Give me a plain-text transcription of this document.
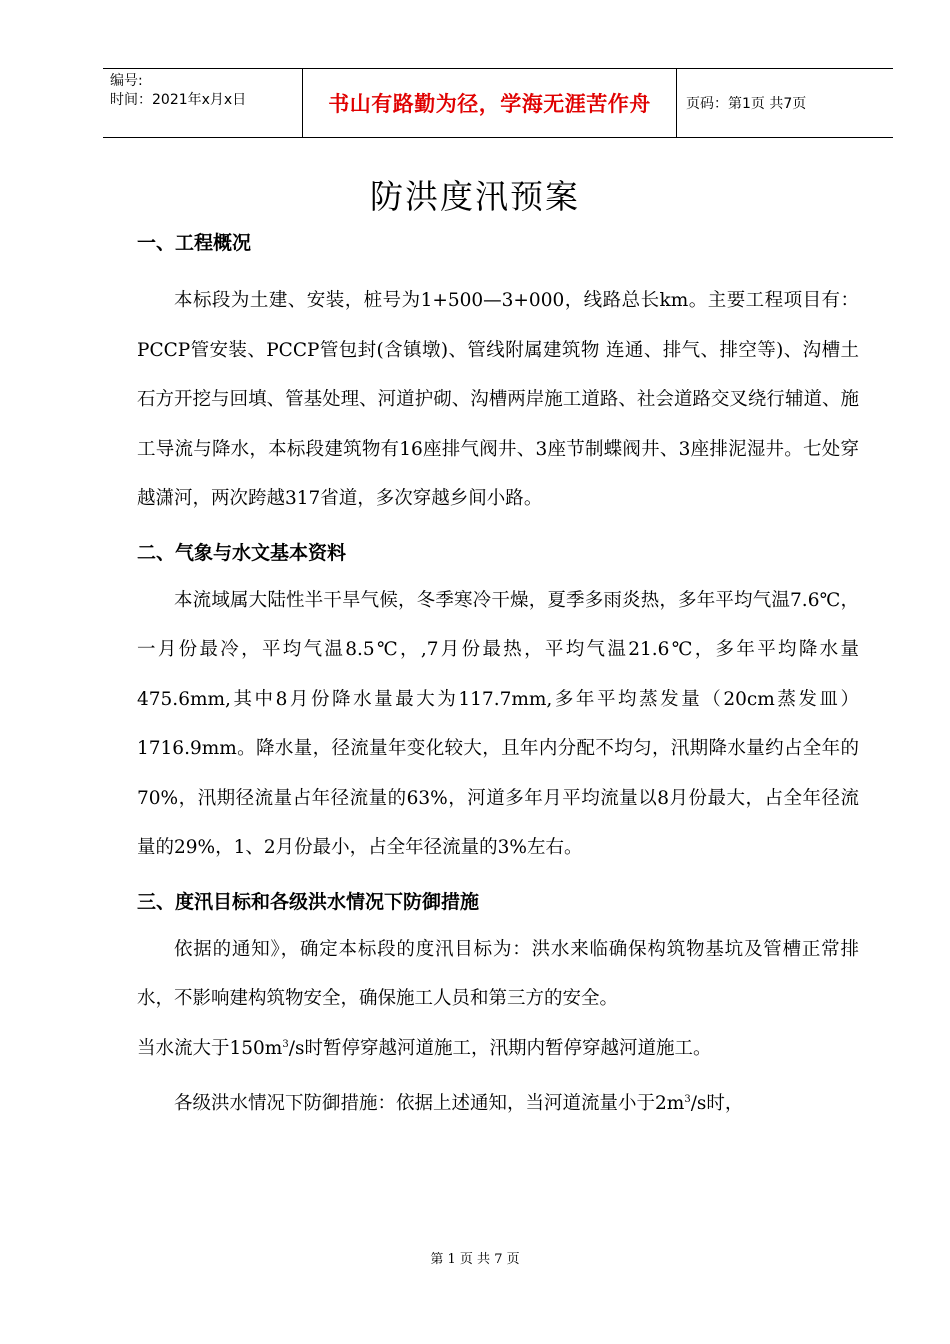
编号:
时间：2021年x月x日	书山有路勤为径，学海无涯苦作舟	页码：第1页 共7页
防洪度汛预案
一、工程概况

本标段为土建、安装，桩号为1+500—3+000，线路总长km。主要工程项目有：PCCP管安装、PCCP管包封(含镇墩)、管线附属建筑物 连通、排气、排空等)、沟槽土石方开挖与回填、管基处理、河道护砌、沟槽两岸施工道路、社会道路交叉绕行辅道、施工导流与降水，本标段建筑物有16座排气阀井、3座节制蝶阀井、3座排泥湿井。七处穿越潇河，两次跨越317省道，多次穿越乡间小路。

二、气象与水文基本资料

本流域属大陆性半干旱气候，冬季寒冷干燥，夏季多雨炎热，多年平均气温7.6℃，一月份最冷，平均气温8.5℃，,7月份最热，平均气温21.6℃，多年平均降水量475.6mm,其中8月份降水量最大为117.7mm,多年平均蒸发量（20cm蒸发皿）1716.9mm。降水量，径流量年变化较大，且年内分配不均匀，汛期降水量约占全年的70%，汛期径流量占年径流量的63%，河道多年月平均流量以8月份最大，占全年径流量的29%，1、2月份最小，占全年径流量的3%左右。

三、度汛目标和各级洪水情况下防御措施

依据的通知》，确定本标段的度汛目标为：洪水来临确保构筑物基坑及管槽正常排水，不影响建构筑物安全，确保施工人员和第三方的安全。

当水流大于$150m^3/s$时暂停穿越河道施工，汛期内暂停穿越河道施工。

各级洪水情况下防御措施：依据上述通知，当河道流量小于$2m^3/s$时，

第 1 页 共 7 页
